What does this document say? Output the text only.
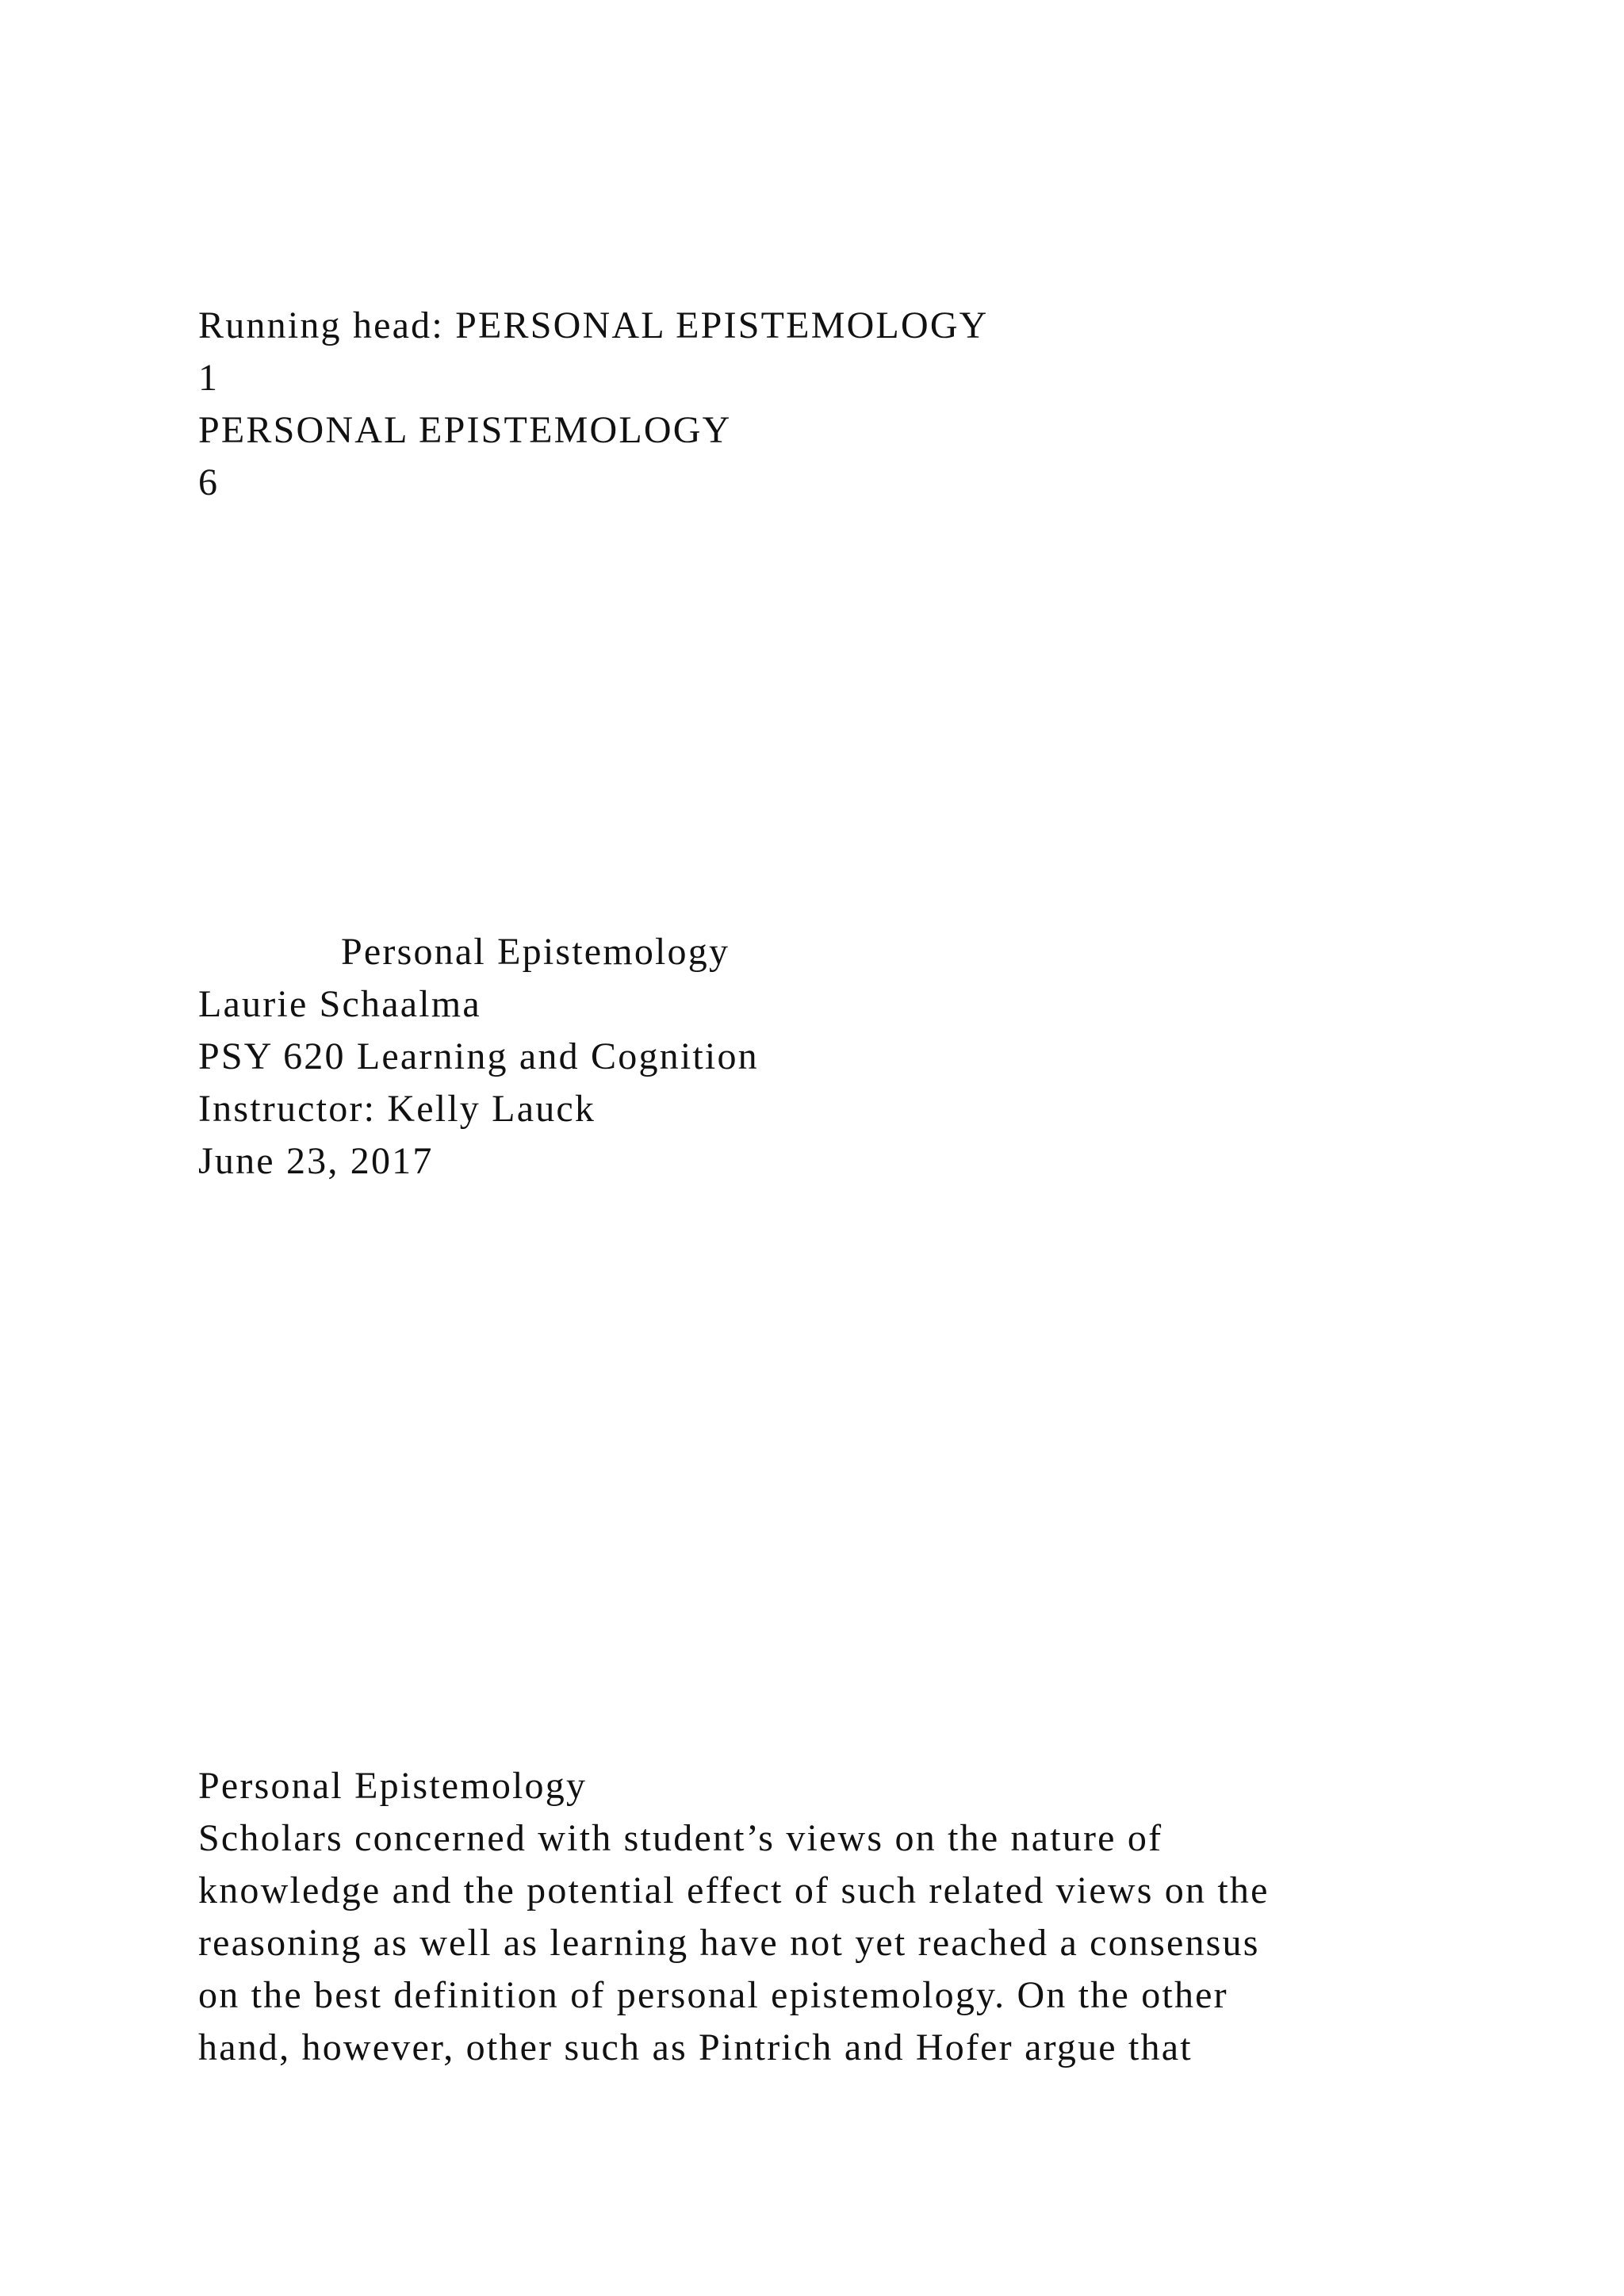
Running head: PERSONAL EPISTEMOLOGY
1
PERSONAL EPISTEMOLOGY
6
Personal Epistemology
Laurie Schaalma
PSY 620 Learning and Cognition
Instructor: Kelly Lauck
June 23, 2017
Personal Epistemology
Scholars concerned with student’s views on the nature of
knowledge and the potential effect of such related views on the
reasoning as well as learning have not yet reached a consensus
on the best definition of personal epistemology. On the other
hand, however, other such as Pintrich and Hofer argue that
